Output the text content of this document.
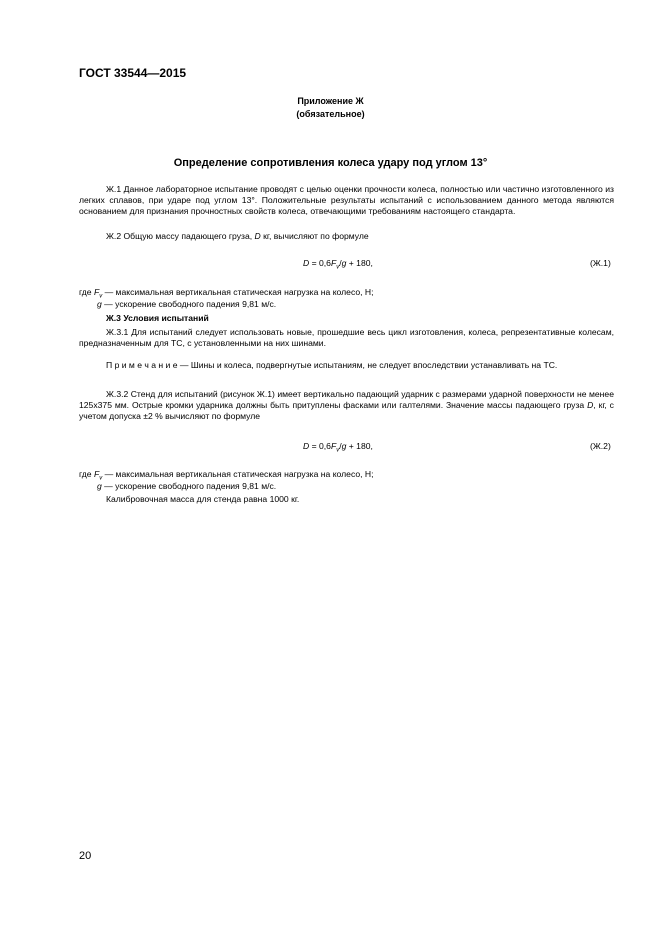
ГОСТ 33544—2015
Приложение Ж
(обязательное)
Определение сопротивления колеса удару под углом 13°
Ж.1 Данное лабораторное испытание проводят с целью оценки прочности колеса, полностью или частично изготовленного из легких сплавов, при ударе под углом 13°. Положительные результаты испытаний с использованием данного метода являются основанием для признания прочностных свойств колеса, отвечающими требованиям настоящего стандарта.
Ж.2 Общую массу падающего груза, D кг, вычисляют по формуле
$D = 0,6F_v/g + 180$,	(Ж.1)
где $F_v$ — максимальная вертикальная статическая нагрузка на колесо, Н;
g — ускорение свободного падения 9,81 м/с.
Ж.3 Условия испытаний
Ж.3.1 Для испытаний следует использовать новые, прошедшие весь цикл изготовления, колеса, репрезентативные колесам, предназначенным для ТС, с установленными на них шинами.
П р и м е ч а н и е — Шины и колеса, подвергнутые испытаниям, не следует впоследствии устанавливать на ТС.
Ж.3.2 Стенд для испытаний (рисунок Ж.1) имеет вертикально падающий ударник с размерами ударной поверхности не менее 125х375 мм. Острые кромки ударника должны быть притуплены фасками или галтелями. Значение массы падающего груза D, кг, с учетом допуска ±2 % вычисляют по формуле
$D = 0,6F_v/g + 180$,	(Ж.2)
где $F_v$ — максимальная вертикальная статическая нагрузка на колесо, Н;
g — ускорение свободного падения 9,81 м/с.
Калибровочная масса для стенда равна 1000 кг.
20
